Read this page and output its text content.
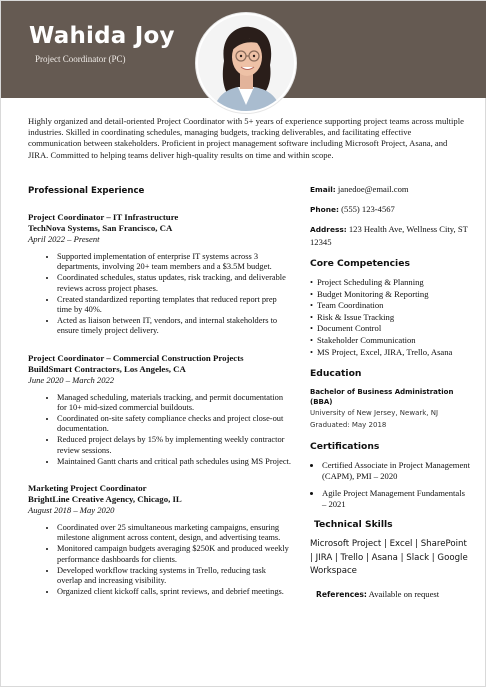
Wahida Joy
Project Coordinator (PC)
Highly organized and detail-oriented Project Coordinator with 5+ years of experience supporting project teams across multiple industries. Skilled in coordinating schedules, managing budgets, tracking deliverables, and facilitating effective communication between stakeholders. Proficient in project management software including Microsoft Project, Asana, and JIRA. Committed to helping teams deliver high-quality results on time and within scope.
Professional Experience
Project Coordinator – IT Infrastructure
TechNova Systems, San Francisco, CA
April 2022 – Present
• Supported implementation of enterprise IT systems across 3 departments, involving 20+ team members and a $3.5M budget.
• Coordinated schedules, status updates, risk tracking, and deliverable reviews across project phases.
• Created standardized reporting templates that reduced report prep time by 40%.
• Acted as liaison between IT, vendors, and internal stakeholders to ensure timely project delivery.
Project Coordinator – Commercial Construction Projects
BuildSmart Contractors, Los Angeles, CA
June 2020 – March 2022
• Managed scheduling, materials tracking, and permit documentation for 10+ mid-sized commercial buildouts.
• Coordinated on-site safety compliance checks and project close-out documentation.
• Reduced project delays by 15% by implementing weekly contractor review sessions.
• Maintained Gantt charts and critical path schedules using MS Project.
Marketing Project Coordinator
BrightLine Creative Agency, Chicago, IL
August 2018 – May 2020
• Coordinated over 25 simultaneous marketing campaigns, ensuring milestone alignment across content, design, and advertising teams.
• Monitored campaign budgets averaging $250K and produced weekly performance dashboards for clients.
• Developed workflow tracking systems in Trello, reducing task overlap and increasing visibility.
• Organized client kickoff calls, sprint reviews, and debrief meetings.
Email: janedoe@email.com
Phone: (555) 123-4567
Address: 123 Health Ave, Wellness City, ST 12345
Core Competencies
• Project Scheduling & Planning
• Budget Monitoring & Reporting
• Team Coordination
• Risk & Issue Tracking
• Document Control
• Stakeholder Communication
• MS Project, Excel, JIRA, Trello, Asana
Education
Bachelor of Business Administration (BBA)
University of New Jersey, Newark, NJ
Graduated: May 2018
Certifications
• Certified Associate in Project Management (CAPM), PMI – 2020
• Agile Project Management Fundamentals – 2021
Technical Skills
Microsoft Project | Excel | SharePoint | JIRA | Trello | Asana | Slack | Google Workspace
References: Available on request
